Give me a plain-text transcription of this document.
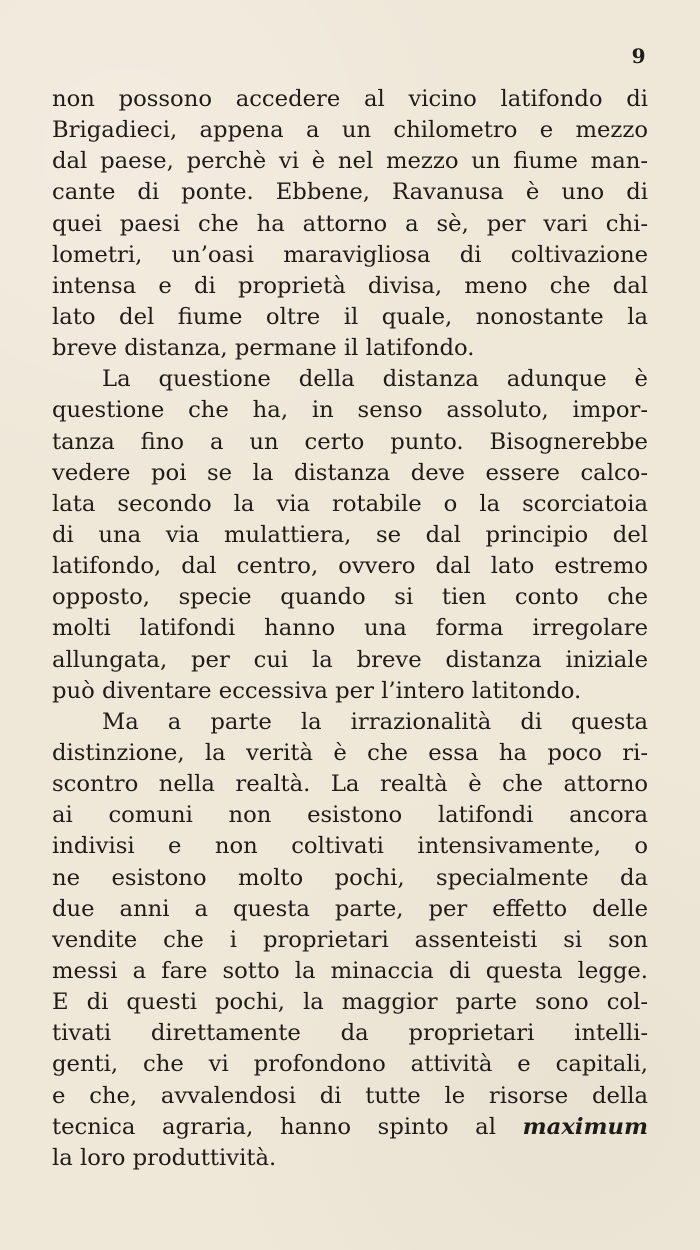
9
non possono accedere al vicino latifondo di
Brigadieci, appena a un chilometro e mezzo
dal paese, perchè vi è nel mezzo un fiume man-
cante di ponte. Ebbene, Ravanusa è uno di
quei paesi che ha attorno a sè, per vari chi-
lometri, un’oasi maravigliosa di coltivazione
intensa e di proprietà divisa, meno che dal
lato del fiume oltre il quale, nonostante la
breve distanza, permane il latifondo.
La questione della distanza adunque è
questione che ha, in senso assoluto, impor-
tanza fino a un certo punto. Bisognerebbe
vedere poi se la distanza deve essere calco-
lata secondo la via rotabile o la scorciatoia
di una via mulattiera, se dal principio del
latifondo, dal centro, ovvero dal lato estremo
opposto, specie quando si tien conto che
molti latifondi hanno una forma irregolare
allungata, per cui la breve distanza iniziale
può diventare eccessiva per l’intero latitondo.
Ma a parte la irrazionalità di questa
distinzione, la verità è che essa ha poco ri-
scontro nella realtà. La realtà è che attorno
ai comuni non esistono latifondi ancora
indivisi e non coltivati intensivamente, o
ne esistono molto pochi, specialmente da
due anni a questa parte, per effetto delle
vendite che i proprietari assenteisti si son
messi a fare sotto la minaccia di questa legge.
E di questi pochi, la maggior parte sono col-
tivati direttamente da proprietari intelli-
genti, che vi profondono attività e capitali,
e che, avvalendosi di tutte le risorse della
tecnica agraria, hanno spinto al maximum
la loro produttività.
